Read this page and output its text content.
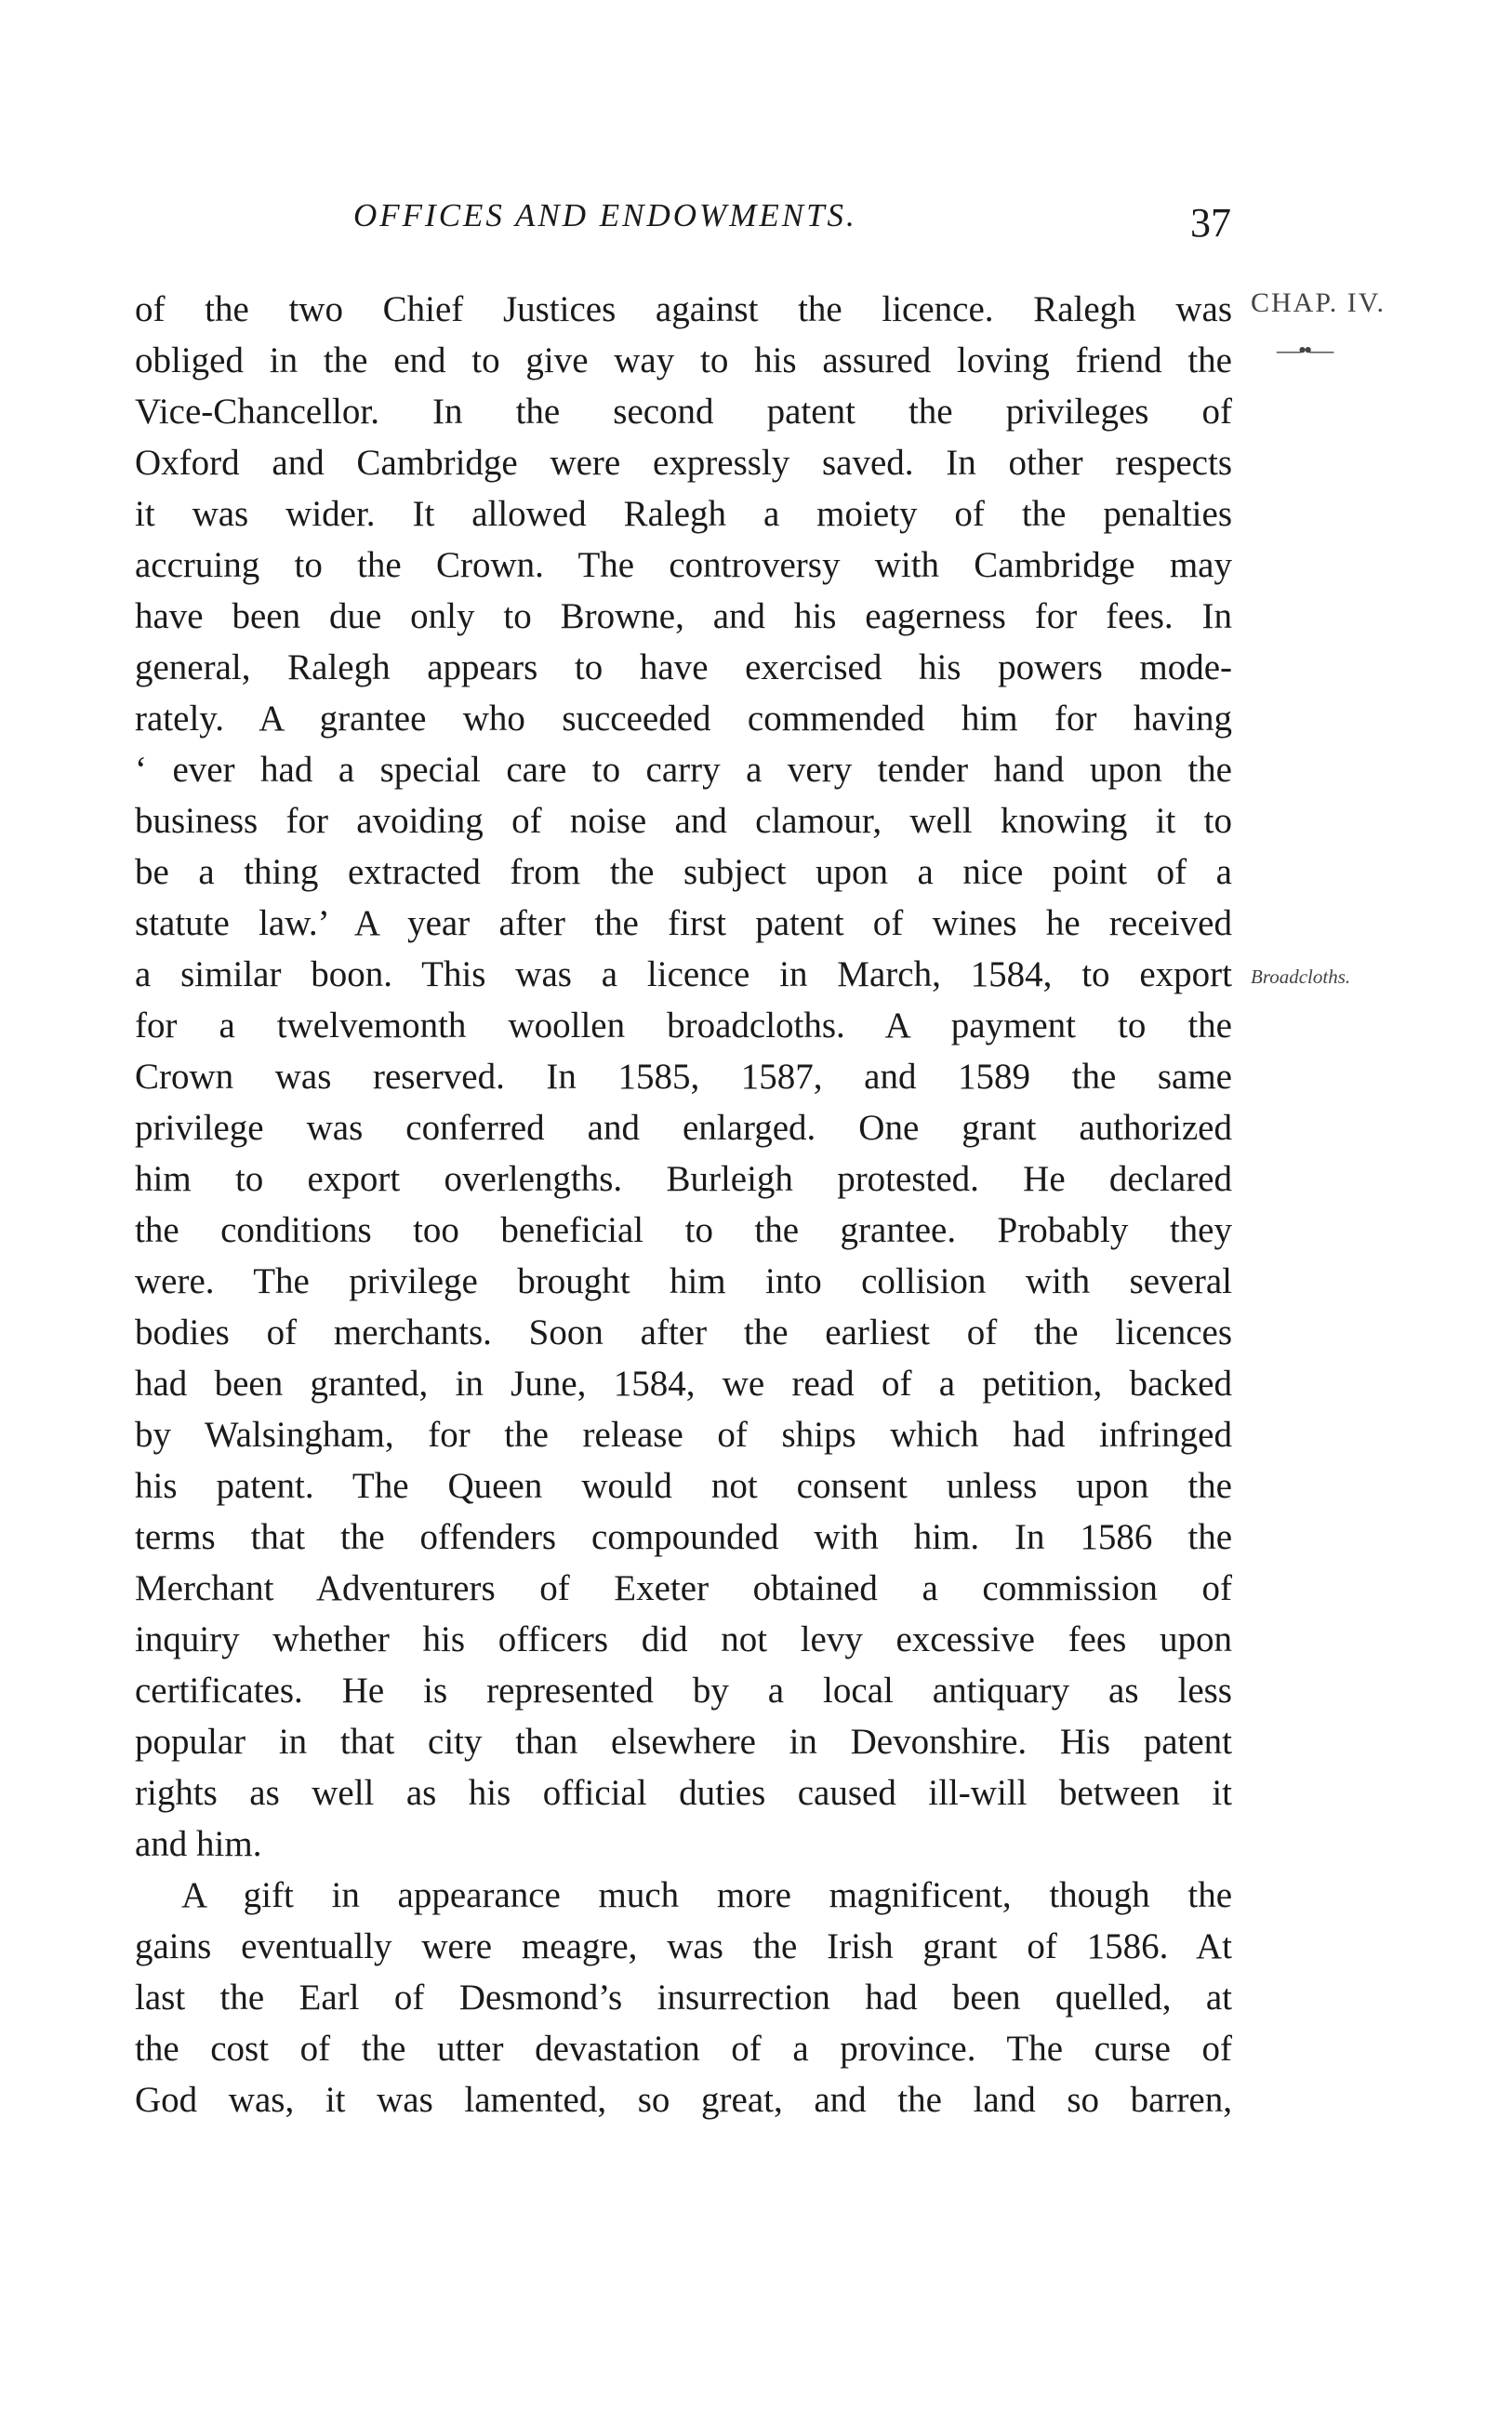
OFFICES AND ENDOWMENTS.	37
CHAP. IV.
—••—
Broadcloths.
of the two Chief Justices against the licence. Ralegh was
obliged in the end to give way to his assured loving friend the
Vice-Chancellor. In the second patent the privileges of
Oxford and Cambridge were expressly saved. In other respects
it was wider. It allowed Ralegh a moiety of the penalties
accruing to the Crown. The controversy with Cambridge may
have been due only to Browne, and his eagerness for fees. In
general, Ralegh appears to have exercised his powers mode-
rately. A grantee who succeeded commended him for having
‘ ever had a special care to carry a very tender hand upon the
business for avoiding of noise and clamour, well knowing it to
be a thing extracted from the subject upon a nice point of a
statute law.’ A year after the first patent of wines he received
a similar boon. This was a licence in March, 1584, to export
for a twelvemonth woollen broadcloths. A payment to the
Crown was reserved. In 1585, 1587, and 1589 the same
privilege was conferred and enlarged. One grant authorized
him to export overlengths. Burleigh protested. He declared
the conditions too beneficial to the grantee. Probably they
were. The privilege brought him into collision with several
bodies of merchants. Soon after the earliest of the licences
had been granted, in June, 1584, we read of a petition, backed
by Walsingham, for the release of ships which had infringed
his patent. The Queen would not consent unless upon the
terms that the offenders compounded with him. In 1586 the
Merchant Adventurers of Exeter obtained a commission of
inquiry whether his officers did not levy excessive fees upon
certificates. He is represented by a local antiquary as less
popular in that city than elsewhere in Devonshire. His patent
rights as well as his official duties caused ill-will between it
and him.
A gift in appearance much more magnificent, though the
gains eventually were meagre, was the Irish grant of 1586. At
last the Earl of Desmond’s insurrection had been quelled, at
the cost of the utter devastation of a province. The curse of
God was, it was lamented, so great, and the land so barren,
